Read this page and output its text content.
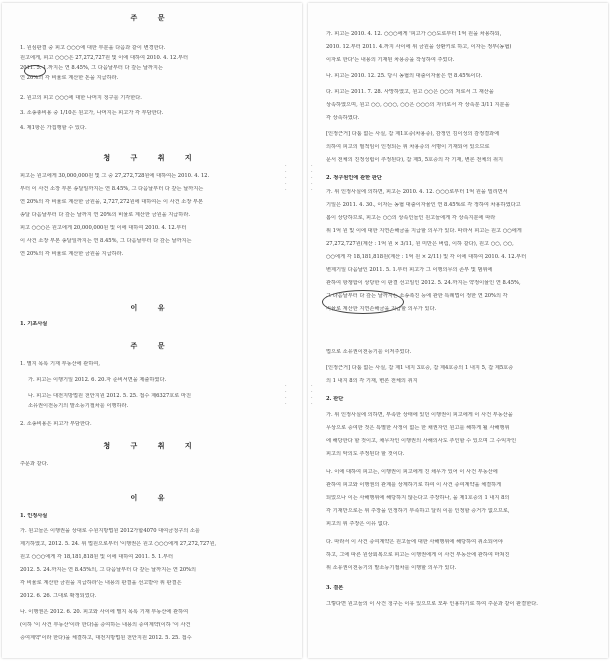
주 문
1. 원심판결 중 피고 ○○○에 대한 부분을 다음과 같이 변경한다.
원고에게, 피고 ○○○은 27,272,727원 및 이에 대하여 2010. 4. 12.부터
2011. 5. 1.까지는 연 8.45%, 그 다음날부터 다 갚는 날까지는
연 20%의 각 비율로 계산한 돈을 지급하라.
2. 원고의 피고 ○○○에 대한 나머지 청구를 기각한다.
3. 소송총비용 중 1/10은 원고가, 나머지는 피고가 각 부담한다.
4. 제1항은 가집행할 수 있다.
청 구 취 지
피고는 원고에게 30,000,000원 및 그 중 27,272,728원에 대하여는 2010. 4. 12.
부터 이 사건 소장 부본 송달일까지는 연 8.45%, 그 다음날부터 다 갚는 날까지는
연 20%의 각 비율로 계산한 금원을, 2,727,272원에 대하여는 이 사건 소장 부본
송달 다음날부터 다 갚는 날까지 연 20%의 비율로 계산한 금원을 지급하라.
피고 ○○○은 원고에게 20,000,000원 및 이에 대하여 2010. 4. 12.부터
이 사건 소장 부본 송달일까지는 연 8.45%, 그 다음날부터 다 갚는 날까지는
연 20%의 각 비율로 계산한 금원을 지급하라.
이 유
1. 기초사실
주 문
1. 별지 목록 기재 부동산에 관하여,
가. 피고는 이행기일 2012. 6. 20.자 준비서면을 제출하였다.
나. 피고는 대전지방법원 천안지원 2012. 5. 25. 접수 제6327호로 마친
소유권이전등기의 말소등기절차를 이행하라.
2. 소송비용은 피고가 부담한다.
청 구 취 지
주문과 같다.
이 유
1. 인정사실
가. 원고들은 이행권을 상대로 수원지방법원 2012가합4070 대여금청구의 소를
제기하였고, 2012. 5. 24. 위 법원으로부터 '이행권은 원고 ○○○에게 27,272,727원,
원고 ○○○에게 각 18,181,818원 및 이에 대하여 2011. 5. 1.부터
2012. 5. 24.까지는 연 8.45%의, 그 다음날부터 다 갚는 날까지는 연 20%의
각 비율로 계산한 금원을 지급하라'는 내용의 판결을 선고받아 위 판결은
2012. 6. 26. 그대로 확정되었다.
나. 이행권은 2012. 6. 20. 피고와 사이에 별지 목록 기재 부동산에 관하여
(이하 '이 사건 부동산'이라 한다)을 증여하는 내용의 증여계약(이하 '이 사건
증여계약'이라 한다)을 체결하고, 대전지방법원 천안지원 2012. 5. 25. 접수
·
·
·
·
·
·
·
·
·
가. 피고는 2010. 4. 12. ○○○에게 '피고가 ○○도로부터 1억 원을 차용하되,
2010. 12.부터 2011. 4.까지 사이에 위 금원을 상환키로 하고, 이자는 정부(농협)
이자로 한다'는 내용의 기재된 차용증을 작성하여 주었다.
나. 피고는 2010. 12. 25. 당시 농협의 대출이자율은 연 8.45%이다.
다. 피고는 2011. 7. 28. 사망하였고, 원고 ○○은 ○○의 처로서 그 재산을
상속하였으며, 원고 ○○, ○○○, ○○은 ○○○의 자녀로서 각 상속분 3/11 지분을
각 상속하였다.
[인정근거] 다툼 없는 사실, 갑 제1호증(차용증), 감정인 김이성의 감정결과에
의하여 피고의 필적임이 인정되는 위 차용증의 서명이 기재되어 있으므로
문서 전체의 진정성립이 추정된다), 갑 제5, 5호증의 각 기재, 변론 전체의 취지
2. 청구원인에 관한 판단
가. 위 인정사실에 의하면, 피고는 2010. 4. 12. ○○○로부터 1억 원을 빌리면서
기일은 2011. 4. 30., 이자는 농협 대출이자율인 연 8.45%로 각 정하여 차용하였다고
봄이 상당하므로, 피고는 ○○의 상속인들인 원고들에게 각 상속지분에 따라
위 1억 원 및 이에 대한 지연손해금을 지급할 의무가 있다. 따라서 피고는 원고 ○○에게
27,272,727원(계산 : 1억 원 × 3/11, 원 미만은 버림, 이하 같다), 원고 ○○, ○○,
○○에게 각 18,181,818원(계산 : 1억 원 × 2/11) 및 각 이에 대하여 2010. 4. 12.부터
변제기일 다음날인 2011. 5. 1.부터 피고가 그 이행의무의 존부 및 범위에
관하여 항쟁함이 상당한 이 판결 선고일인 2012. 5. 24.까지는 약정이율인 연 8.45%,
그 다음날부터 다 갚는 날까지는 소송촉진 등에 관한 특례법이 정한 연 20%의 각
비율로 계산한 지연손해금을 지급할 의무가 있다.
법으로 소유권이전등기를 이저주었다.
[인정근거] 다툼 없는 사실, 갑 제1 내지 3호증, 갑 제4호증의 1 내지 5, 갑 제5호증
의 1 내지 8의 각 기재, 변론 전체의 취지
2. 판단
가. 위 인정사실에 의하면, 부족한 상태에 있던 이행권이 피고에게 이 사건 부동산을
무상으로 증여한 것은 특별한 사정이 없는 한 채권자인 원고를 해하게 될 사해행위
에 해당한다 할 것이고, 채무자인 이행권의 사해의사도 추인할 수 있으며 그 수익자인
피고의 악의도 추정된다 할 것이다.
나. 이에 대하여 피고는, 이행권이 피고에게 진 채무가 있어 이 사건 부동산에
관하여 피고와 이행권의 관계를 상계하기로 하여 이 사건 증여계약을 체결하게
되었으나 이는 사해행위에 해당하지 않는다고 주장하나, 을 제1호증의 1 내지 8의
각 기재만으로는 위 주장을 인정하기 부족하고 달리 이를 인정할 증거가 없으므로,
피고의 위 주장은 이유 없다.
다. 따라서 이 사건 증여계약은 원고들에 대한 사해행위에 해당하여 취소되어야
하고, 그에 따른 원상회복으로 피고는 이행권에게 이 사건 부동산에 관하여 마쳐진
위 소유권이전등기의 말소등기절차를 이행할 의무가 있다.
3. 결론
그렇다면 원고들의 이 사건 청구는 이유 있으므로 모두 인용하기로 하여 주문과 같이 판결한다.
·
·
·
·
·
·
·
·
·
